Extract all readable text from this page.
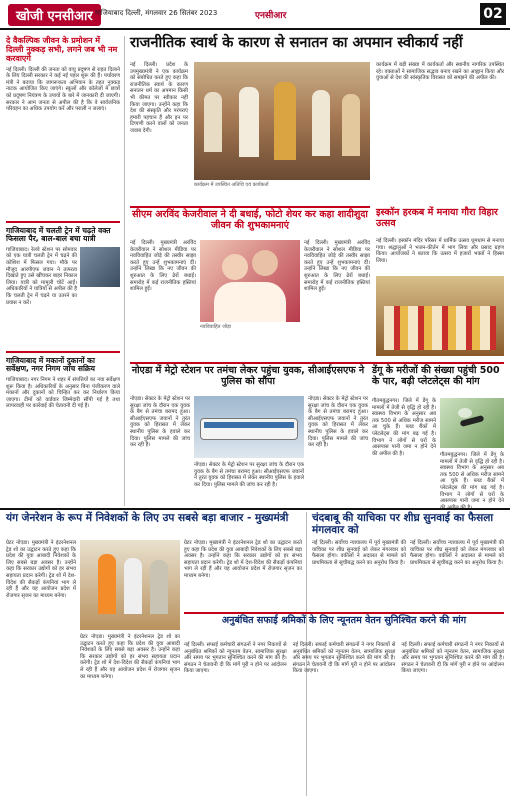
खोजी एनसीआर गाजियाबाद दिल्ली, मंगलवार 26 सितंबर 2023	एनसीआर	02
दे वैकल्पिक जीवन के प्रमोशन में दिल्ली नुक्कड़ सभी, लगने जब भी नम करवाएगे
नई दिल्ली। दिल्ली की जनता को वायु प्रदूषण से राहत दिलाने के लिए दिल्ली सरकार ने कई नई पहल शुरू की हैं। पर्यावरण मंत्री ने बताया कि जागरूकता अभियान के तहत नुक्कड़ नाटक आयोजित किए जाएंगे। स्कूलों और कॉलेजों में छात्रों को प्रदूषण नियंत्रण के उपायों के बारे में जानकारी दी जाएगी। सरकार ने आम जनता से अपील की है कि वे सार्वजनिक परिवहन का अधिक उपयोग करें और पराली न जलाएं।
गाजियाबाद में चलती ट्रेन में चढ़ते वक्त फिसला पैर, बाल-बाल बचा यात्री
गाजियाबाद। रेलवे स्टेशन पर सोमवार को एक यात्री चलती ट्रेन में चढ़ने की कोशिश में फिसल गया। मौके पर मौजूद आरपीएफ जवान ने तत्परता दिखाते हुए उसे खींचकर बाहर निकाल लिया। यात्री को मामूली चोटें आईं। अधिकारियों ने यात्रियों से अपील की है कि चलती ट्रेन में चढ़ने या उतरने का प्रयास न करें।
गाजियाबाद में मकानों दुकानों का सर्वेक्षण, नगर निगम जांच सक्रिय
गाजियाबाद। नगर निगम ने शहर में संपत्तियों का नया सर्वेक्षण शुरू किया है। अधिकारियों के अनुसार बिना पंजीकरण वाले मकानों और दुकानों को चिन्हित कर कर निर्धारण किया जाएगा। टीमों को वार्डवार जिम्मेदारी सौंपी गई है तथा लापरवाही पर कार्रवाई की चेतावनी दी गई है।
राजनीतिक स्वार्थ के कारण से सनातन का अपमान स्वीकार्य नहीं
नई दिल्ली। प्रदेश के उपमुख्यमंत्री ने एक कार्यक्रम को संबोधित करते हुए कहा कि राजनीतिक स्वार्थ के कारण सनातन धर्म का अपमान किसी भी कीमत पर स्वीकार नहीं किया जाएगा। उन्होंने कहा कि देश की संस्कृति और परंपराएं हमारी पहचान हैं और इन पर टिप्पणी करने वालों को जनता जवाब देगी।
कार्यक्रम में उपस्थित अतिथि एवं कार्यकर्ता
कार्यक्रम में बड़ी संख्या में कार्यकर्ता और स्थानीय नागरिक उपस्थित रहे। वक्ताओं ने सामाजिक सद्भाव बनाए रखने का आह्वान किया और युवाओं से देश की सांस्कृतिक विरासत को समझने की अपील की।
सीएम अरविंद केजरीवाल ने दी बधाई, फोटो शेयर कर कहा शादीशुदा जीवन की शुभकामनाएं
नई दिल्ली। मुख्यमंत्री अरविंद केजरीवाल ने सोशल मीडिया पर नवविवाहित जोड़े की तस्वीर साझा करते हुए उन्हें शुभकामनाएं दीं। उन्होंने लिखा कि नए जीवन की शुरुआत के लिए ढेरों बधाई। समारोह में कई राजनीतिक हस्तियां शामिल हुईं।
नवविवाहित जोड़ा
नई दिल्ली। मुख्यमंत्री अरविंद केजरीवाल ने सोशल मीडिया पर नवविवाहित जोड़े की तस्वीर साझा करते हुए उन्हें शुभकामनाएं दीं। उन्होंने लिखा कि नए जीवन की शुरुआत के लिए ढेरों बधाई। समारोह में कई राजनीतिक हस्तियां शामिल हुईं।
इस्कॉन हरकब में मनाया गौरा विहार उत्सव
नई दिल्ली। इस्कॉन मंदिर परिसर में धार्मिक उत्सव धूमधाम से मनाया गया। श्रद्धालुओं ने भजन-कीर्तन में भाग लिया और प्रसाद ग्रहण किया। आयोजकों ने बताया कि उत्सव में हजारों भक्तों ने हिस्सा लिया।
नोएडा में मेट्रो स्टेशन पर तमंचा लेकर पहुंचा युवक, सीआईएसएफ ने पुलिस को सौंपा
नोएडा। सेक्टर के मेट्रो स्टेशन पर सुरक्षा जांच के दौरान एक युवक के बैग से तमंचा बरामद हुआ। सीआईएसएफ जवानों ने तुरंत युवक को हिरासत में लेकर स्थानीय पुलिस के हवाले कर दिया। पुलिस मामले की जांच कर रही है।
नोएडा। सेक्टर के मेट्रो स्टेशन पर सुरक्षा जांच के दौरान एक युवक के बैग से तमंचा बरामद हुआ। सीआईएसएफ जवानों ने तुरंत युवक को हिरासत में लेकर स्थानीय पुलिस के हवाले कर दिया। पुलिस मामले की जांच कर रही है।
नोएडा। सेक्टर के मेट्रो स्टेशन पर सुरक्षा जांच के दौरान एक युवक के बैग से तमंचा बरामद हुआ। सीआईएसएफ जवानों ने तुरंत युवक को हिरासत में लेकर स्थानीय पुलिस के हवाले कर दिया। पुलिस मामले की जांच कर रही है।
डेंगू के मरीजों की संख्या पहुंची 500 के पार, बढ़ी प्लेटलेट्स की मांग
गौतमबुद्धनगर। जिले में डेंगू के मामलों में तेजी से वृद्धि हो रही है। स्वास्थ्य विभाग के अनुसार अब तक 500 से अधिक मरीज सामने आ चुके हैं। ब्लड बैंकों में प्लेटलेट्स की मांग बढ़ गई है। विभाग ने लोगों से घरों के आसपास पानी जमा न होने देने की अपील की है।	गौतमबुद्धनगर। जिले में डेंगू के मामलों में तेजी से वृद्धि हो रही है। स्वास्थ्य विभाग के अनुसार अब तक 500 से अधिक मरीज सामने आ चुके हैं। ब्लड बैंकों में प्लेटलेट्स की मांग बढ़ गई है। विभाग ने लोगों से घरों के आसपास पानी जमा न होने देने
यंग जेनरेशन के रूप में निवेशकों के लिए उप सबसे बड़ा बाजार - मुख्यमंत्री
ग्रेटर नोएडा। मुख्यमंत्री ने इंटरनेशनल ट्रेड शो का उद्घाटन करते हुए कहा कि प्रदेश की युवा आबादी निवेशकों के लिए सबसे बड़ा अवसर है। उन्होंने कहा कि सरकार उद्योगों को हर संभव सहायता प्रदान करेगी। ट्रेड शो में देश-विदेश की सैकड़ों कंपनियां भाग ले रही हैं और यह आयोजन प्रदेश में रोजगार सृजन का माध्यम बनेगा।
ग्रेटर नोएडा। मुख्यमंत्री ने इंटरनेशनल ट्रेड शो का उद्घाटन करते हुए कहा कि प्रदेश की युवा आबादी निवेशकों के लिए सबसे बड़ा अवसर है। उन्होंने कहा कि सरकार उद्योगों को हर संभव सहायता प्रदान करेगी। ट्रेड शो में देश-विदेश की सैकड़ों कंपनियां भाग ले रही हैं और यह आयोजन प्रदेश में रोजगार सृजन का माध्यम बनेगा।
ग्रेटर नोएडा। मुख्यमंत्री ने इंटरनेशनल ट्रेड शो का उद्घाटन करते हुए कहा कि प्रदेश की युवा आबादी निवेशकों के लिए सबसे बड़ा अवसर है। उन्होंने कहा कि सरकार उद्योगों को हर संभव सहायता प्रदान करेगी। ट्रेड शो में देश-विदेश की सैकड़ों कंपनियां भाग ले रही हैं और यह आयोजन प्रदेश में रोजगार सृजन का माध्यम बनेगा।
चंदबाबू की याचिका पर शीघ्र सुनवाई का फैसला मंगलवार को
नई दिल्ली। सर्वोच्च न्यायालय में पूर्व मुख्यमंत्री की याचिका पर शीघ्र सुनवाई को लेकर मंगलवार को फैसला होगा। वकीलों ने अदालत से मामले को प्राथमिकता से सूचीबद्ध करने का अनुरोध किया है।
नई दिल्ली। सर्वोच्च न्यायालय में पूर्व मुख्यमंत्री की याचिका पर शीघ्र सुनवाई को लेकर मंगलवार को फैसला होगा। वकीलों ने अदालत से मामले को प्राथमिकता से सूचीबद्ध करने का अनुरोध किया है।
अनुबंधित सफाई श्रमिकों के लिए न्यूनतम वेतन सुनिश्चित करने की मांग
नई दिल्ली। सफाई कर्मचारी संगठनों ने नगर निकायों से अनुबंधित श्रमिकों को न्यूनतम वेतन, सामाजिक सुरक्षा और समय पर भुगतान सुनिश्चित करने की मांग की है। संगठन ने चेतावनी दी कि मांगें पूरी न होने पर आंदोलन किया जाएगा।
नई दिल्ली। सफाई कर्मचारी संगठनों ने नगर निकायों से अनुबंधित श्रमिकों को न्यूनतम वेतन, सामाजिक सुरक्षा और समय पर भुगतान सुनिश्चित करने की मांग की है। संगठन ने चेतावनी दी कि मांगें पूरी न होने पर आंदोलन किया जाएगा।
नई दिल्ली। सफाई कर्मचारी संगठनों ने नगर निकायों से अनुबंधित श्रमिकों को न्यूनतम वेतन, सामाजिक सुरक्षा और समय पर भुगतान सुनिश्चित करने की मांग की है। संगठन ने चेतावनी दी कि मांगें पूरी न होने पर आंदोलन किया जाएगा।
